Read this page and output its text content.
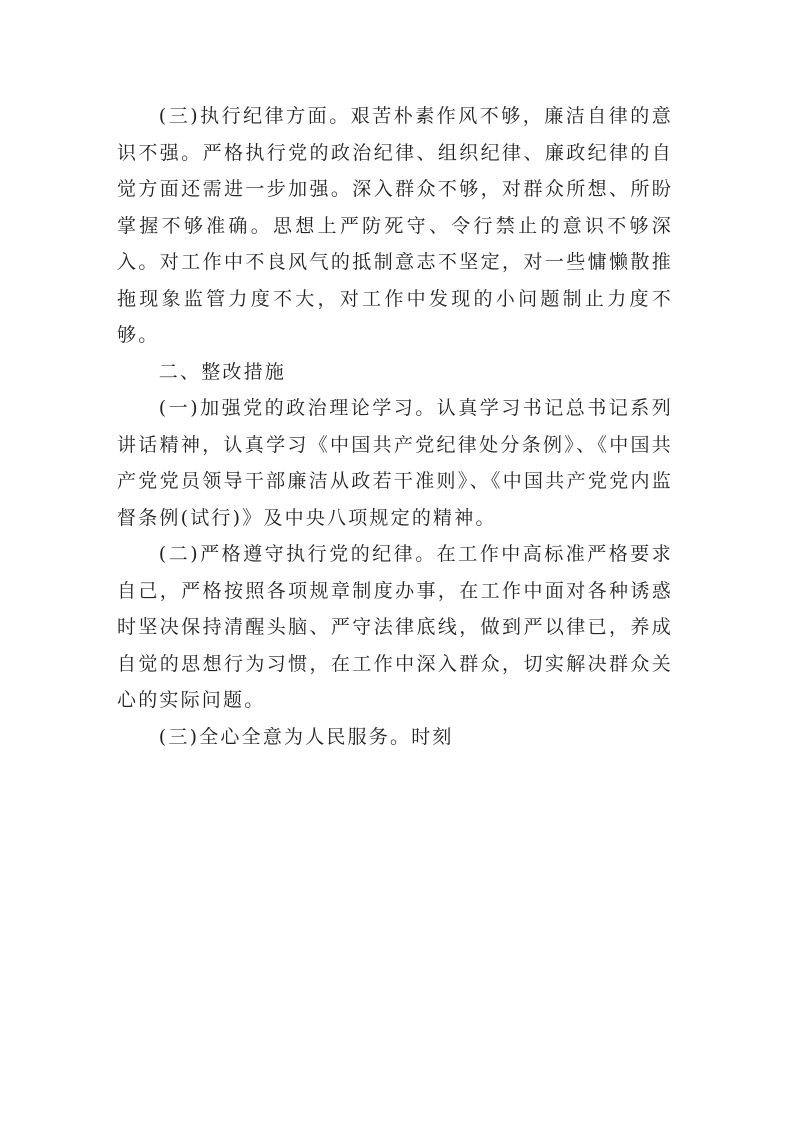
(三)执行纪律方面。艰苦朴素作风不够，廉洁自律的意识不强。严格执行党的政治纪律、组织纪律、廉政纪律的自觉方面还需进一步加强。深入群众不够，对群众所想、所盼掌握不够准确。思想上严防死守、令行禁止的意识不够深入。对工作中不良风气的抵制意志不坚定，对一些慵懒散推拖现象监管力度不大，对工作中发现的小问题制止力度不够。

二、整改措施

(一)加强党的政治理论学习。认真学习书记总书记系列讲话精神，认真学习《中国共产党纪律处分条例》、《中国共产党党员领导干部廉洁从政若干准则》、《中国共产党党内监督条例(试行)》及中央八项规定的精神。

(二)严格遵守执行党的纪律。在工作中高标准严格要求自己，严格按照各项规章制度办事，在工作中面对各种诱惑时坚决保持清醒头脑、严守法律底线，做到严以律已，养成自觉的思想行为习惯，在工作中深入群众，切实解决群众关心的实际问题。

(三)全心全意为人民服务。时刻
